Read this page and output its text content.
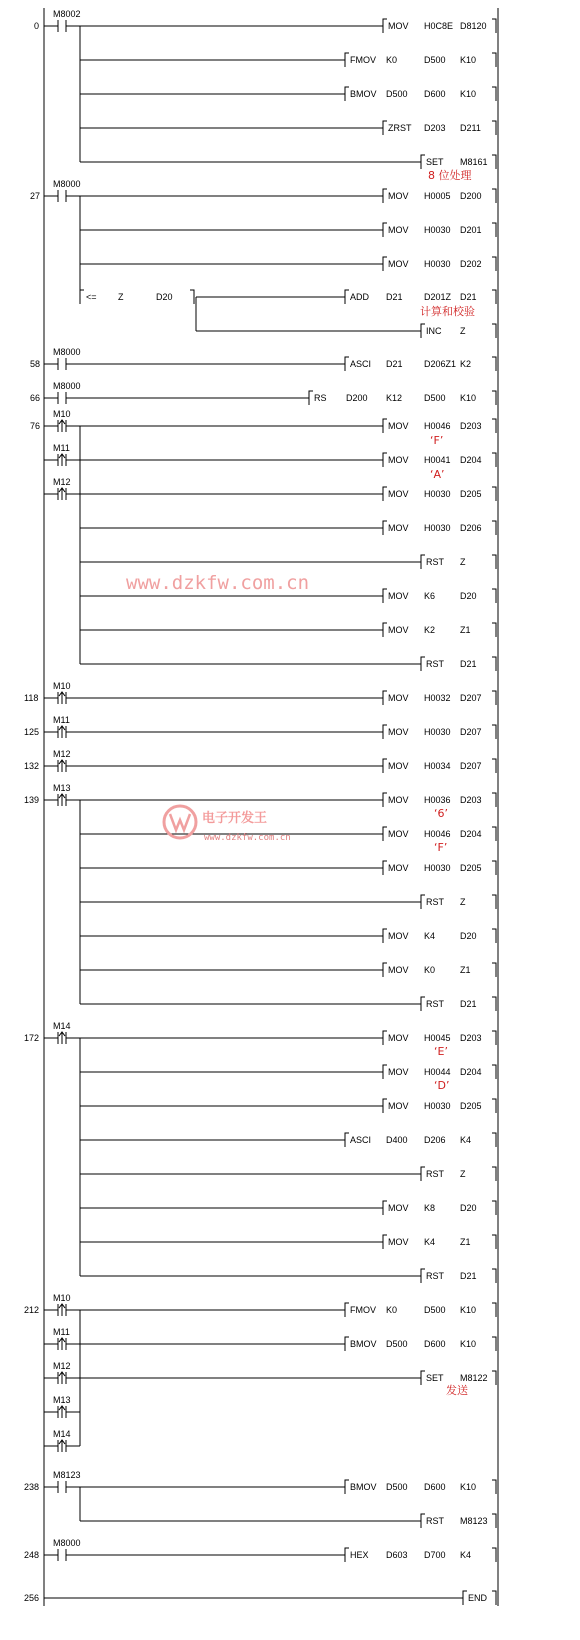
0
M8002
MOV H0C8E D8120
FMOV K0	D500 K10
BMOV D500 D600 K10
ZRST D203 D211
SET M8161
8 位处理
27
M8000
MOV H0005 D200
MOV H0030 D201
MOV H0030 D202
<= Z	D20	ADD D21 D201Z D21
INC Z
计算和校验
58
M8000
ASCI D21 D206Z1 K2
66
M8000
RS D200 K12 D500 K10
76
M10
M11
M12
MOV H0046 D203
MOV H0041 D204
MOV H0030 D205
MOV H0030 D206
RST Z
MOV K6	D20
MOV K2	Z1
RST D21
‘F’
‘A’
118
M10
MOV H0032 D207
125
M11
MOV H0030 D207
132
M12
MOV H0034 D207
139
M13
MOV H0036 D203
MOV H0046 D204
MOV H0030 D205
RST Z
MOV K4	D20
MOV K0	Z1
RST D21
‘6’
‘F’
172
M14
MOV H0045 D203
MOV H0044 D204
MOV H0030 D205
ASCI D400 D206 K4
RST Z
MOV K8	D20
MOV K4	Z1
RST D21
‘E’
‘D’
212
M10
M11
M12
M13
M14
FMOV K0	D500 K10
BMOV D500 D600 K10
SET M8122
发送
238
M8123
BMOV D500 D600 K10
RST M8123
248
M8000
HEX D603 D700 K4
256	END
www.dzkfw.com.cn
电子开发王
www.dzkfw.com.cn
